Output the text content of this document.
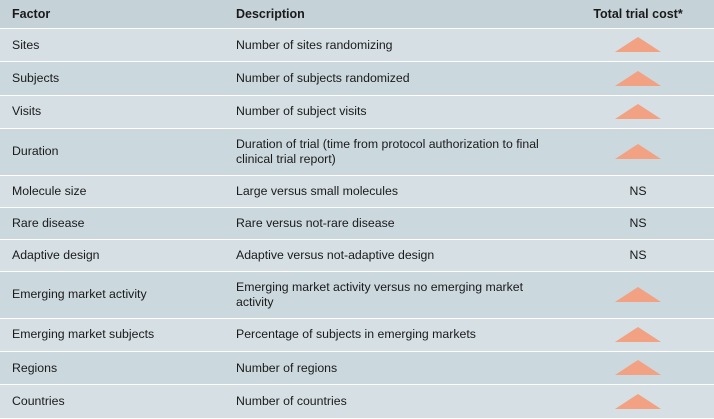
Factor	Description	Total trial cost*
Sites	Number of sites randomizing	
Subjects	Number of subjects randomized	
Visits	Number of subject visits	
Duration	Duration of trial (time from protocol authorization to final clinical trial report)	
Molecule size	Large versus small molecules	NS
Rare disease	Rare versus not-rare disease	NS
Adaptive design	Adaptive versus not-adaptive design	NS
Emerging market activity	Emerging market activity versus no emerging market activity	
Emerging market subjects	Percentage of subjects in emerging markets	
Regions	Number of regions	
Countries	Number of countries	
